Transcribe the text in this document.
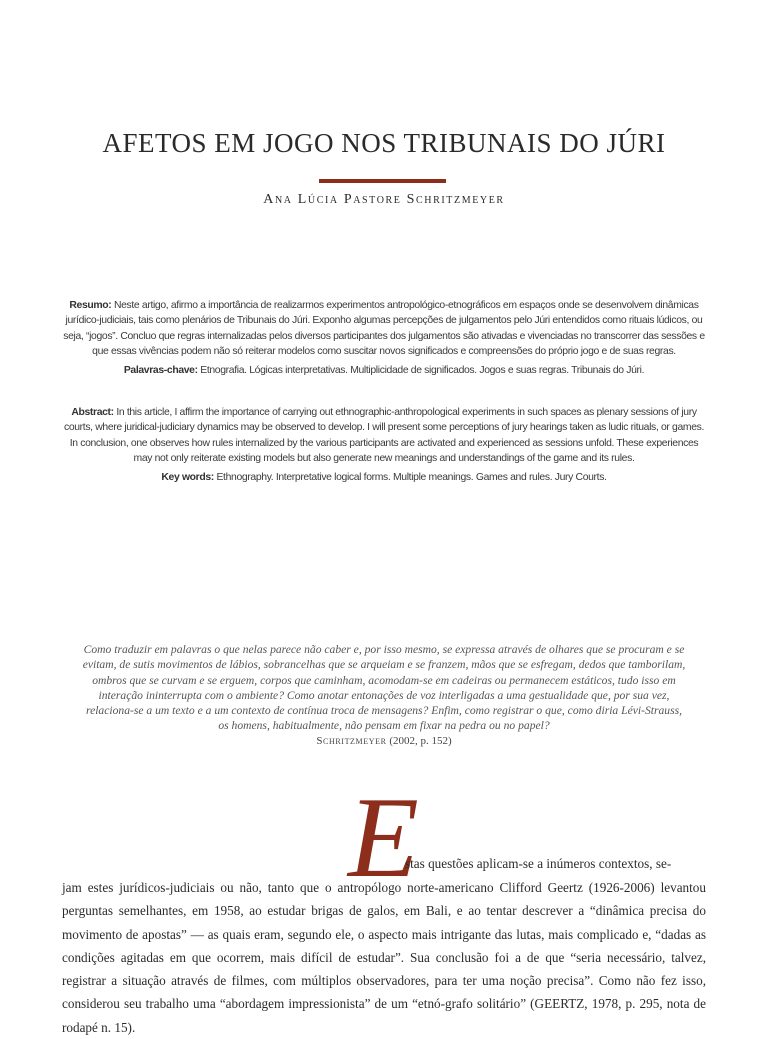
AFETOS EM JOGO NOS TRIBUNAIS DO JÚRI
Ana Lúcia Pastore Schritzmeyer
Resumo: Neste artigo, afirmo a importância de realizarmos experimentos antropológico-etnográficos em espaços onde se desenvolvem dinâmicas jurídico-judiciais, tais como plenários de Tribunais do Júri. Exponho algumas percepções de julgamentos pelo Júri entendidos como rituais lúdicos, ou seja, “jogos”. Concluo que regras internalizadas pelos diversos participantes dos julgamentos são ativadas e vivenciadas no transcorrer das sessões e que essas vivências podem não só reiterar modelos como suscitar novos significados e compreensões do próprio jogo e de suas regras.
Palavras-chave: Etnografia. Lógicas interpretativas. Multiplicidade de significados. Jogos e suas regras. Tribunais do Júri.
Abstract: In this article, I affirm the importance of carrying out ethnographic-anthropological experiments in such spaces as plenary sessions of jury courts, where juridical-judiciary dynamics may be observed to develop. I will present some perceptions of jury hearings taken as ludic rituals, or games. In conclusion, one observes how rules internalized by the various participants are activated and experienced as sessions unfold. These experiences may not only reiterate existing models but also generate new meanings and understandings of the game and its rules.
Key words: Ethnography. Interpretative logical forms. Multiple meanings. Games and rules. Jury Courts.
Como traduzir em palavras o que nelas parece não caber e, por isso mesmo, se expressa através de olhares que se procuram e se evitam, de sutis movimentos de lábios, sobrancelhas que se arqueiam e se franzem, mãos que se esfregam, dedos que tamborilam, ombros que se curvam e se erguem, corpos que caminham, acomodam-se em cadeiras ou permanecem estáticos, tudo isso em interação ininterrupta com o ambiente? Como anotar entonações de voz interligadas a uma gestualidade que, por sua vez, relaciona-se a um texto e a um contexto de contínua troca de mensagens? Enfim, como registrar o que, como diria Lévi-Strauss, os homens, habitualmente, não pensam em fixar na pedra ou no papel?
Schritzmeyer (2002, p. 152)
E
stas questões aplicam-se a inúmeros contextos, se-
jam estes jurídicos-judiciais ou não, tanto que o antropólogo norte-americano Clifford Geertz (1926-2006) levantou perguntas semelhantes, em 1958, ao estudar brigas de galos, em Bali, e ao tentar descrever a “dinâmica precisa do movimento de apostas” — as quais eram, segundo ele, o aspecto mais intrigante das lutas, mais complicado e, “dadas as condições agitadas em que ocorrem, mais difícil de estudar”. Sua conclusão foi a de que “seria necessário, talvez, registrar a situação através de filmes, com múltiplos observadores, para ter uma noção precisa”. Como não fez isso, considerou seu trabalho uma “abordagem impressionista” de um “etnó-grafo solitário” (GEERTZ, 1978, p. 295, nota de rodapé n. 15).
